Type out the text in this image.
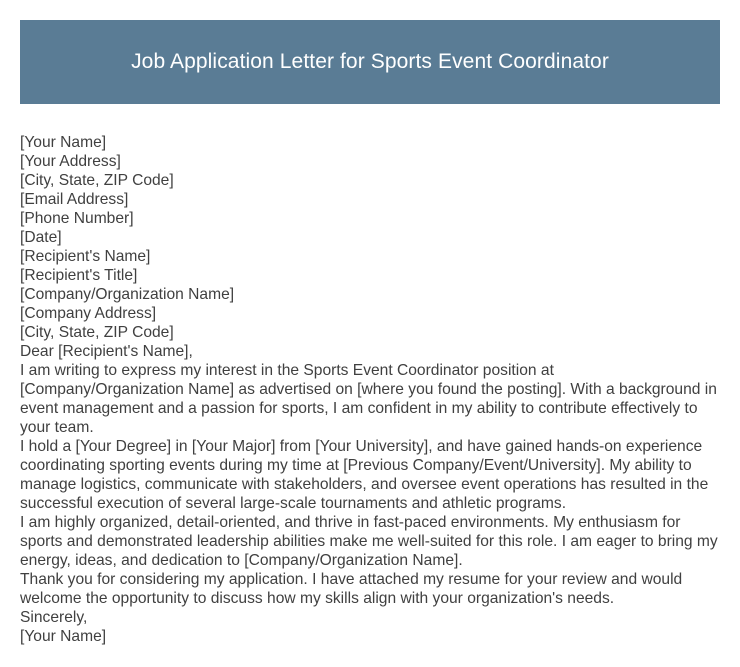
Job Application Letter for Sports Event Coordinator

[Your Name]

[Your Address]

[City, State, ZIP Code]

[Email Address]

[Phone Number]

[Date]

[Recipient's Name]

[Recipient's Title]

[Company/Organization Name]

[Company Address]

[City, State, ZIP Code]

Dear [Recipient's Name],

I am writing to express my interest in the Sports Event Coordinator position at [Company/Organization Name] as advertised on [where you found the posting]. With a background in event management and a passion for sports, I am confident in my ability to contribute effectively to your team.

I hold a [Your Degree] in [Your Major] from [Your University], and have gained hands-on experience coordinating sporting events during my time at [Previous Company/Event/University]. My ability to manage logistics, communicate with stakeholders, and oversee event operations has resulted in the successful execution of several large-scale tournaments and athletic programs.

I am highly organized, detail-oriented, and thrive in fast-paced environments. My enthusiasm for sports and demonstrated leadership abilities make me well-suited for this role. I am eager to bring my energy, ideas, and dedication to [Company/Organization Name].

Thank you for considering my application. I have attached my resume for your review and would welcome the opportunity to discuss how my skills align with your organization's needs.

Sincerely,

[Your Name]
